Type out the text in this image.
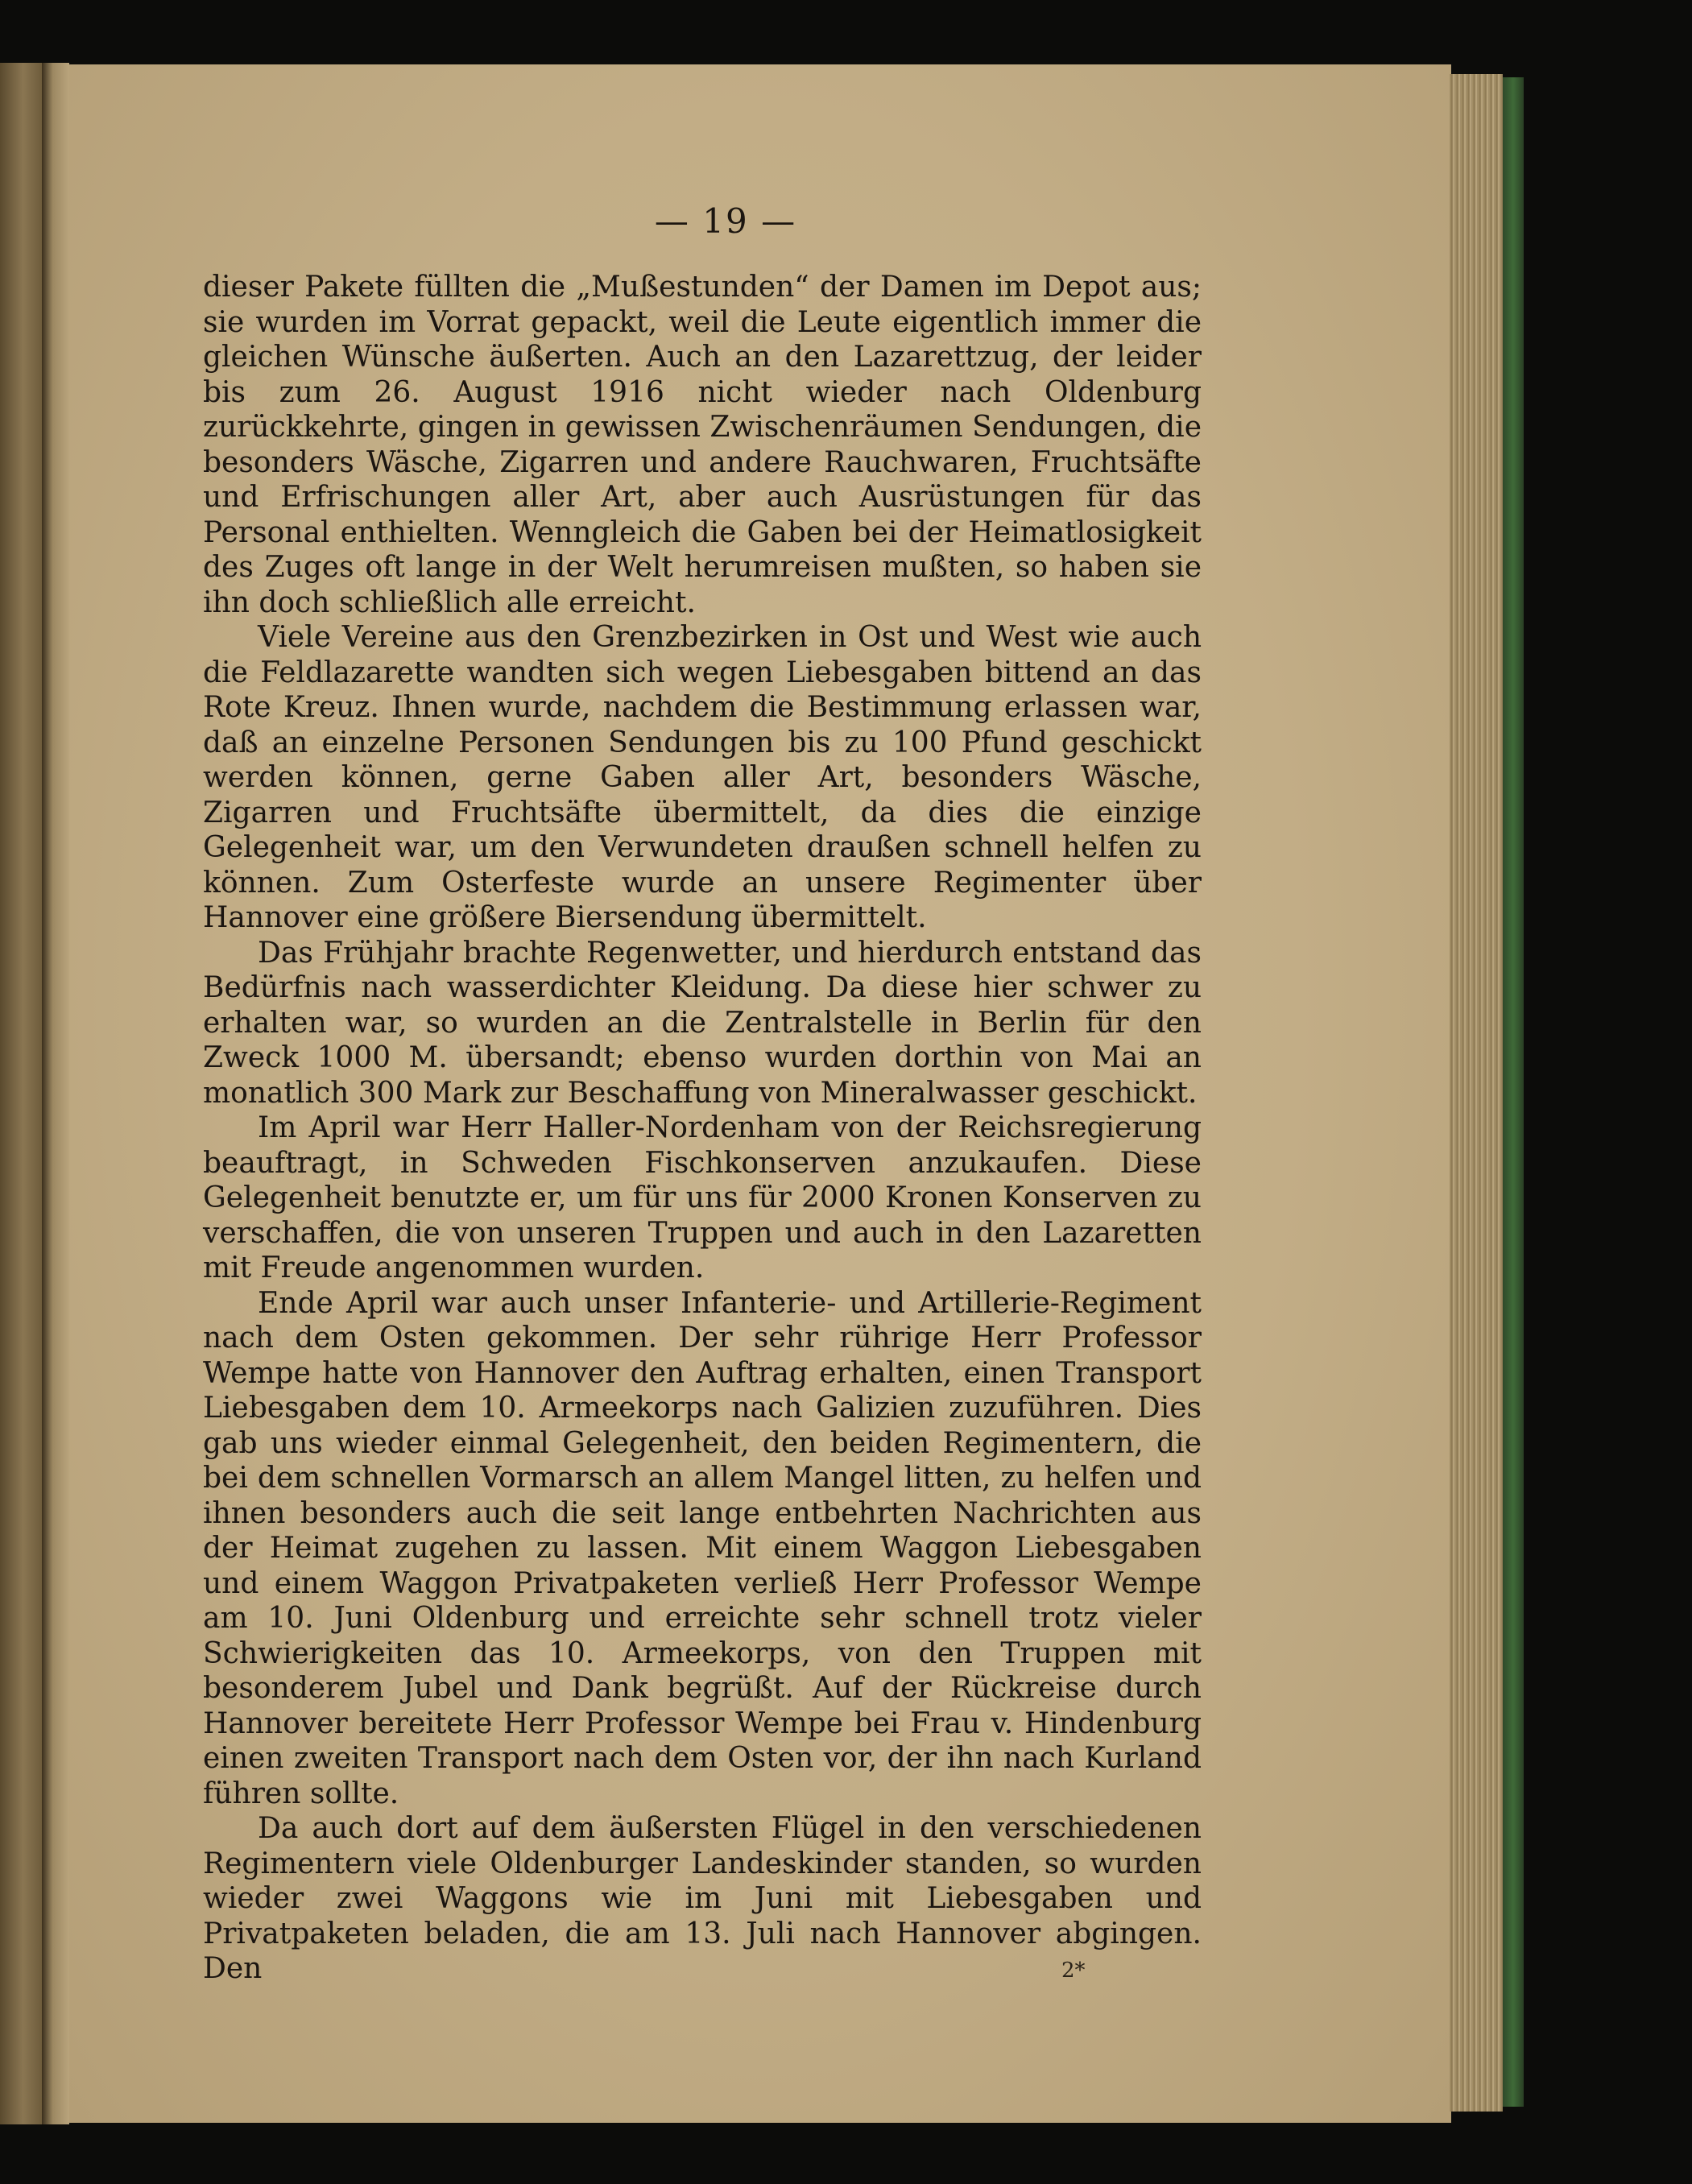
— 19 —

dieser Pakete füllten die „Mußestunden“ der Damen im Depot aus; sie wurden im Vorrat gepackt, weil die Leute eigentlich immer die gleichen Wünsche äußerten. Auch an den Lazarettzug, der leider bis zum 26. August 1916 nicht wieder nach Oldenburg zurückkehrte, gingen in gewissen Zwischenräumen Sendungen, die besonders Wäsche, Zigarren und andere Rauchwaren, Fruchtsäfte und Erfrischungen aller Art, aber auch Ausrüstungen für das Personal enthielten. Wenngleich die Gaben bei der Heimatlosigkeit des Zuges oft lange in der Welt herumreisen mußten, so haben sie ihn doch schließlich alle erreicht.

Viele Vereine aus den Grenzbezirken in Ost und West wie auch die Feldlazarette wandten sich wegen Liebesgaben bittend an das Rote Kreuz. Ihnen wurde, nachdem die Bestimmung erlassen war, daß an einzelne Personen Sendungen bis zu 100 Pfund geschickt werden können, gerne Gaben aller Art, besonders Wäsche, Zigarren und Fruchtsäfte übermittelt, da dies die einzige Gelegenheit war, um den Verwundeten draußen schnell helfen zu können. Zum Osterfeste wurde an unsere Regimenter über Hannover eine größere Biersendung übermittelt.

Das Frühjahr brachte Regenwetter, und hierdurch entstand das Bedürfnis nach wasserdichter Kleidung. Da diese hier schwer zu erhalten war, so wurden an die Zentralstelle in Berlin für den Zweck 1000 M. übersandt; ebenso wurden dorthin von Mai an monatlich 300 Mark zur Beschaffung von Mineralwasser geschickt.

Im April war Herr Haller-Nordenham von der Reichsregierung beauftragt, in Schweden Fischkonserven anzukaufen. Diese Gelegenheit benutzte er, um für uns für 2000 Kronen Konserven zu verschaffen, die von unseren Truppen und auch in den Lazaretten mit Freude angenommen wurden.

Ende April war auch unser Infanterie- und Artillerie-Regiment nach dem Osten gekommen. Der sehr rührige Herr Professor Wempe hatte von Hannover den Auftrag erhalten, einen Transport Liebesgaben dem 10. Armeekorps nach Galizien zuzuführen. Dies gab uns wieder einmal Gelegenheit, den beiden Regimentern, die bei dem schnellen Vormarsch an allem Mangel litten, zu helfen und ihnen besonders auch die seit lange entbehrten Nachrichten aus der Heimat zugehen zu lassen. Mit einem Waggon Liebesgaben und einem Waggon Privatpaketen verließ Herr Professor Wempe am 10. Juni Oldenburg und erreichte sehr schnell trotz vieler Schwierigkeiten das 10. Armeekorps, von den Truppen mit besonderem Jubel und Dank begrüßt. Auf der Rückreise durch Hannover bereitete Herr Professor Wempe bei Frau v. Hindenburg einen zweiten Transport nach dem Osten vor, der ihn nach Kurland führen sollte.

Da auch dort auf dem äußersten Flügel in den verschiedenen Regimentern viele Oldenburger Landeskinder standen, so wurden wieder zwei Waggons wie im Juni mit Liebesgaben und Privatpaketen beladen, die am 13. Juli nach Hannover abgingen. Den	2*
